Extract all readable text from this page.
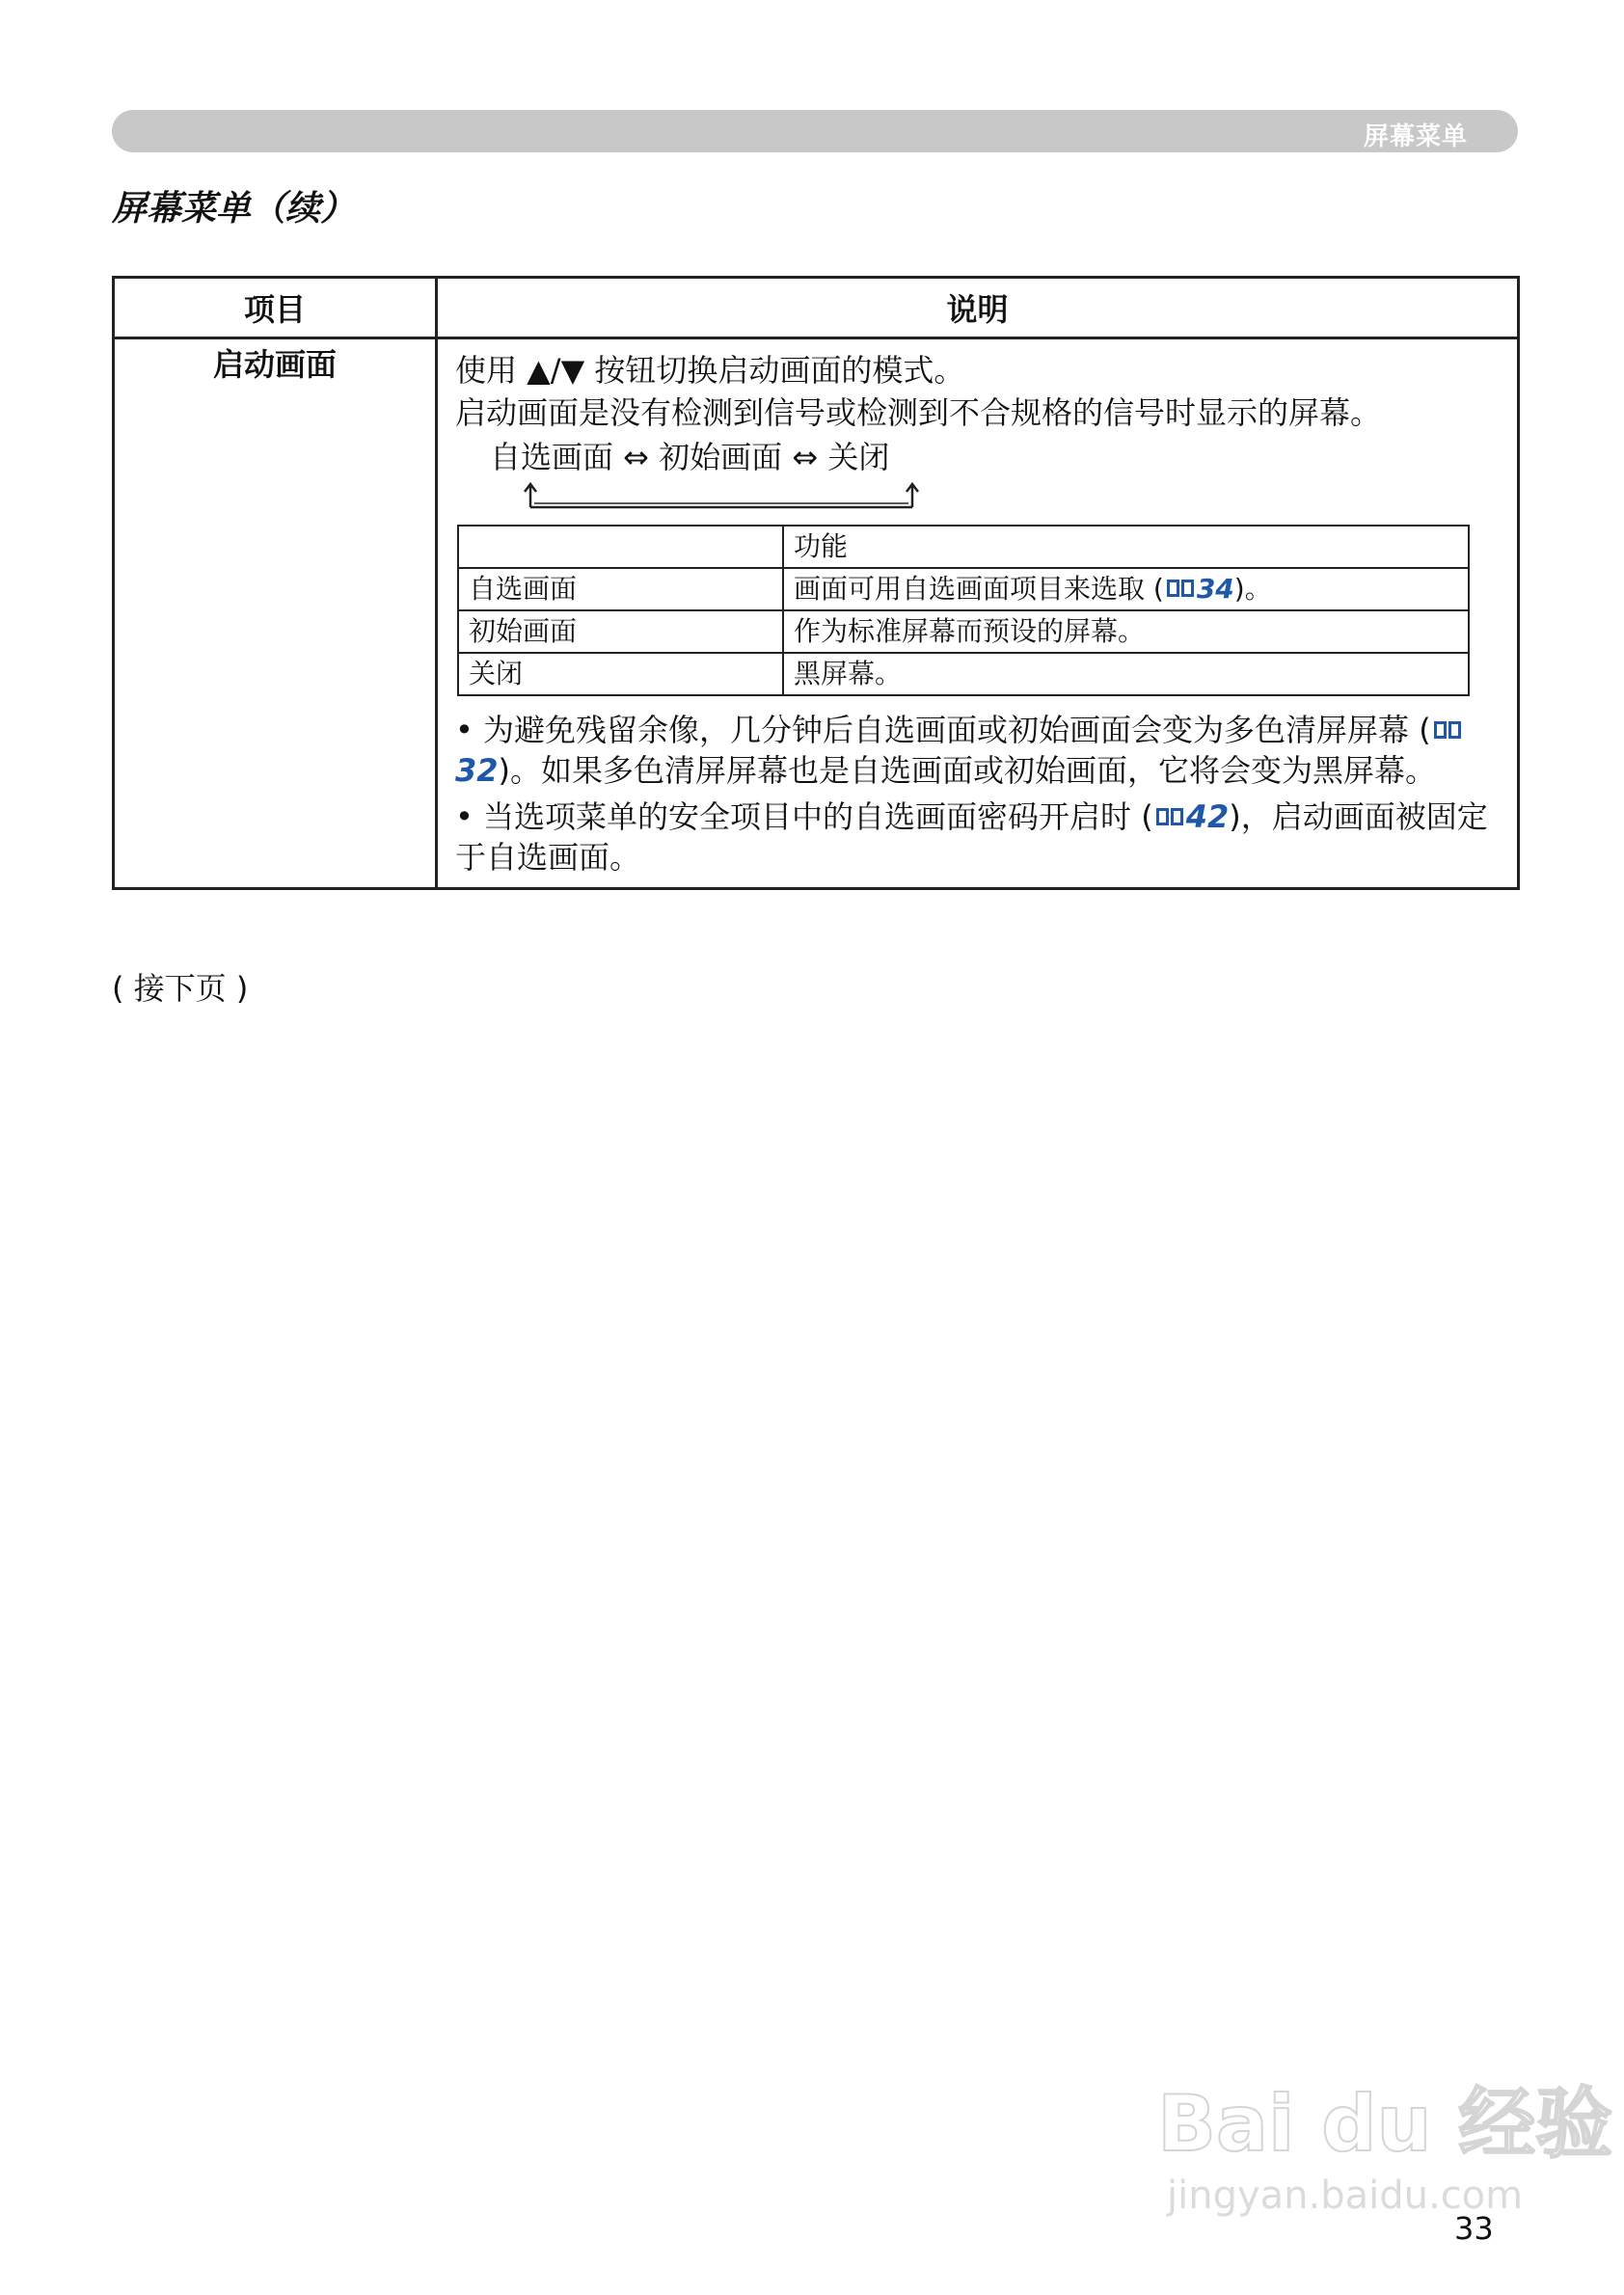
屏幕菜单
屏幕菜单（续）
项目	说明
启动画面	使用 ▲/▼ 按钮切换启动画面的模式。
启动画面是没有检测到信号或检测到不合规格的信号时显示的屏幕。
自选画面 ⇔ 初始画面 ⇔ 关闭
	功能
自选画面	画面可用自选画面项目来选取 ( 34)。
初始画面	作为标准屏幕而预设的屏幕。
关闭	黑屏幕。
• 为避免残留余像，几分钟后自选画面或初始画面会变为多色清屏屏幕 (32)。如果多色清屏屏幕也是自选画面或初始画面，它将会变为黑屏幕。
• 当选项菜单的安全项目中的自选画面密码开启时 ( 42)，启动画面被固定于自选画面。
( 接下页 )
Bai du 经验
jingyan.baidu.com
33
